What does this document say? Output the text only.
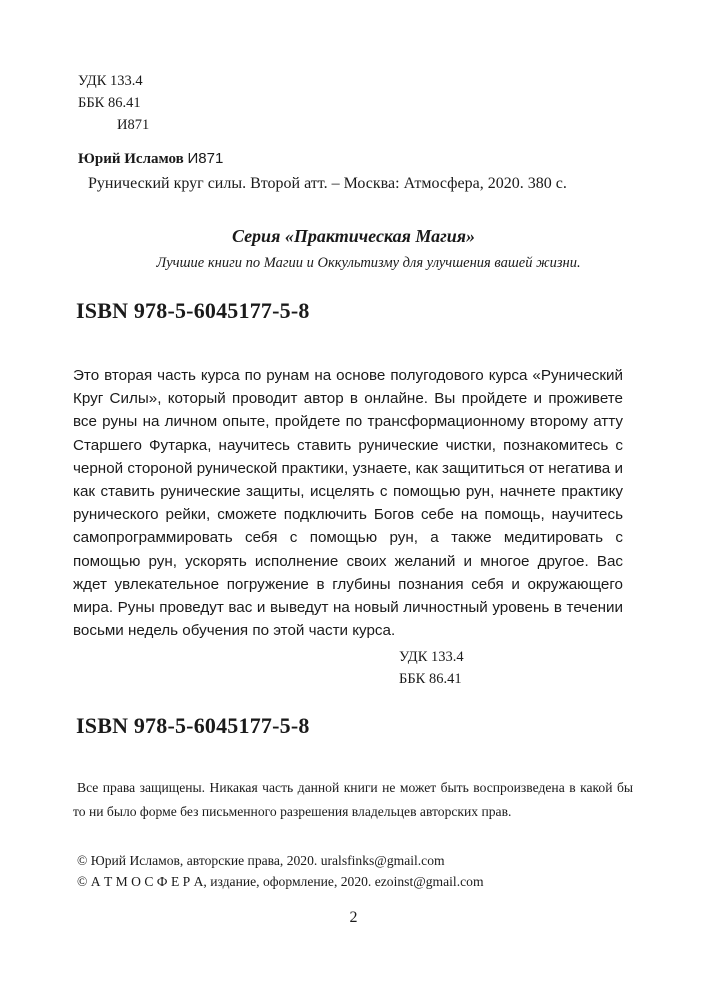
УДК 133.4
ББК 86.41
И871
Юрий Исламов И871
Рунический круг силы. Второй атт. – Москва: Атмосфера, 2020. 380 с.
Серия «Практическая Магия»
Лучшие книги по Магии и Оккультизму для улучшения вашей жизни.
ISBN 978-5-6045177-5-8
Это вторая часть курса по рунам на основе полугодового курса «Рунический Круг Силы», который проводит автор в онлайне. Вы пройдете и проживете все руны на личном опыте, пройдете по трансформационному второму атту Старшего Футарка, научитесь ставить рунические чистки, познакомитесь с черной стороной рунической практики, узнаете, как защититься от негатива и как ставить рунические защиты, исцелять с помощью рун, начнете практику рунического рейки, сможете подключить Богов себе на помощь, научитесь самопрограммировать себя с помощью рун, а также медитировать с помощью рун, ускорять исполнение своих желаний и многое другое. Вас ждет увлекательное погружение в глубины познания себя и окружающего мира. Руны проведут вас и выведут на новый личностный уровень в течении восьми недель обучения по этой части курса.
УДК 133.4
ББК 86.41
ISBN 978-5-6045177-5-8
Все права защищены. Никакая часть данной книги не может быть воспроизведена в какой бы то ни было форме без письменного разрешения владельцев авторских прав.
© Юрий Исламов, авторские права, 2020. uralsfinks@gmail.com
© А Т М О С Ф Е Р А, издание, оформление, 2020. ezoinst@gmail.com
2
